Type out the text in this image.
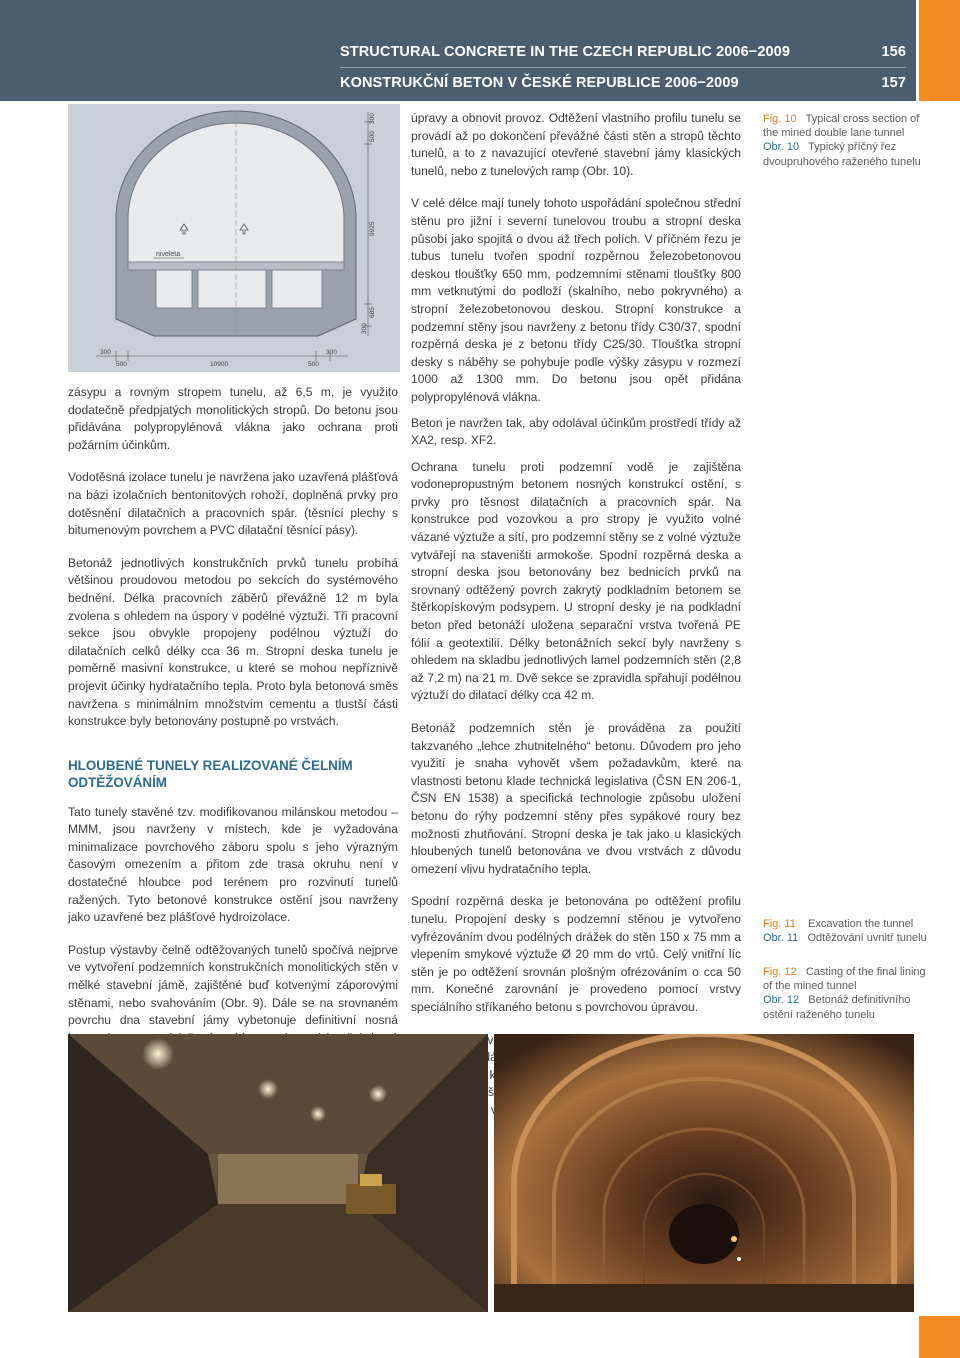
STRUCTURAL CONCRETE IN THE CZECH REPUBLIC 2006−2009	156
KONSTRUKČNÍ BETON V ČESKÉ REPUBLICE 2006−2009	157
niveleta
300
500
9925
685
300
300
500	10900	500
300

zásypu a rovným stropem tunelu, až 6,5 m, je využito dodatečně předpjatých monolitických stropů. Do betonu jsou přidávána polypropylénová vlákna jako ochrana proti požárním účinkům.

Vodotěsná izolace tunelu je navržena jako uzavřená plášťová na bázi izolačních bentonitových rohoží, doplněná prvky pro dotěsnění dilatačních a pracovních spár. (těsnící plechy s bitumenovým povrchem a PVC dilatační těsnící pásy).

Betonáž jednotlivých konstrukčních prvků tunelu probíhá většinou proudovou metodou po sekcích do systémového bednění. Délka pracovních záběrů převážně 12 m byla zvolena s ohledem na úspory v podélné výztuži. Tři pracovní sekce jsou obvykle propojeny podélnou výztuží do dilatačních celků délky cca 36 m. Stropní deska tunelu je poměrně masivní konstrukce, u které se mohou nepříznivě projevit účinky hydratačního tepla. Proto byla betonová směs navržena s minimálním množstvím cementu a tlustší části konstrukce byly betonovány postupně po vrstvách.

HLOUBENÉ TUNELY REALIZOVANÉ ČELNÍM ODTĚŽOVÁNÍM

Tato tunely stavěné tzv. modifikovanou milánskou metodou – MMM, jsou navrženy v místech, kde je vyžadována minimalizace povrchového záboru spolu s jeho výrazným časovým omezením a přitom zde trasa okruhu není v dostatečné hloubce pod terénem pro rozvinutí tunelů ražených. Tyto betonové konstrukce ostění jsou navrženy jako uzavřené bez plášťové hydroizolace.

Postup výstavby čelně odtěžovaných tunelů spočívá nejprve ve vytvoření podzemních konstrukčních monolitických stěn v mělké stavební jámě, zajištěné buď kotvenými záporovými stěnami, nebo svahováním (Obr. 9). Dále se na srovnaném povrchu dna stavební jámy vybetonuje definitivní nosná

úpravy a obnovit provoz. Odtěžení vlastního profilu tunelu se provádí až po dokončení převážné části stěn a stropů těchto tunelů, a to z navazující otevřené stavební jámy klasických tunelů, nebo z tunelových ramp (Obr. 10).

V celé délce mají tunely tohoto uspořádání společnou střední stěnu pro jižní i severní tunelovou troubu a stropní deska působí jako spojitá o dvou až třech polích. V příčném řezu je tubus tunelu tvořen spodní rozpěrnou železobetonovou deskou tloušťky 650 mm, podzemními stěnami tloušťky 800 mm vetknutými do podloží (skalního, nebo pokryvného) a stropní železobetonovou deskou. Stropní konstrukce a podzemní stěny jsou navrženy z betonu třídy C30/37, spodní rozpěrná deska je z betonu třídy C25/30. Tloušťka stropní desky s náběhy se pohybuje podle výšky zásypu v rozmezí 1000 až 1300 mm. Do betonu jsou opět přidána polypropylénová vlákna.

Beton je navržen tak, aby odolával účinkům prostředí třídy až XA2, resp. XF2.

Ochrana tunelu proti podzemní vodě je zajištěna vodonepropustným betonem nosných konstrukcí ostění, s prvky pro těsnost dilatačních a pracovních spár. Na konstrukce pod vozovkou a pro stropy je využito volné vázané výztuže a sítí, pro podzemní stěny se z volné výztuže vytvářejí na staveništi armokoše. Spodní rozpěrná deska a stropní deska jsou betonovány bez bednicích prvků na srovnaný odtěžený povrch zakrytý podkladním betonem se štěrkopískovým podsypem. U stropní desky je na podkladní beton před betonáží uložena separační vrstva tvořená PE fólií a geotextilií. Délky betonážních sekcí byly navrženy s ohledem na skladbu jednotlivých lamel podzemních stěn (2,8 až 7,2 m) na 21 m. Dvě sekce se zpravidla spřahují podélnou výztuží do dilatací délky cca 42 m.

Betonáž podzemních stěn je prováděna za použití takzvaného „lehce zhutnitelného“ betonu. Důvodem pro jeho využití je snaha vyhovět všem požadavkům, které na vlastnosti betonu klade technická legislativa (ČSN EN 206-1, ČSN EN 1538) a specifická technologie způsobu uložení betonu do rýhy podzemní stěny přes sypákové roury bez možnosti zhutňování. Stropní deska je tak jako u klasických hloubených tunelů betonována ve dvou vrstvách z důvodu omezení vlivu hydratačního tepla.

Spodní rozpěrná deska je betonována po odtěžení profilu tunelu. Propojení desky s podzemní stěnou je vytvořeno vyfrézováním dvou podélných drážek do stěn 150 x 75 mm a vlepením smykové výztuže Ø 20 mm do vrtů. Celý vnitřní líc stěn je po odtěžení srovnán plošným ofrézováním o cca 50 mm. Konečné zarovnání je provedeno pomocí vrstvy speciálního stříkaného betonu s povrchovou úpravou.

sedání zlepšenou

Fig. 10 Typical cross section of the mined double lane tunnel
Obr. 10 Typický příčný řez dvoupruhového raženého tunelu
Fig. 11 Excavation the tunnel
Obr. 11 Odtěžování uvnitř tunelu
Fig. 12 Casting of the final lining of the mined tunnel
Obr. 12 Betonáž definitivního ostění raženého tunelu
